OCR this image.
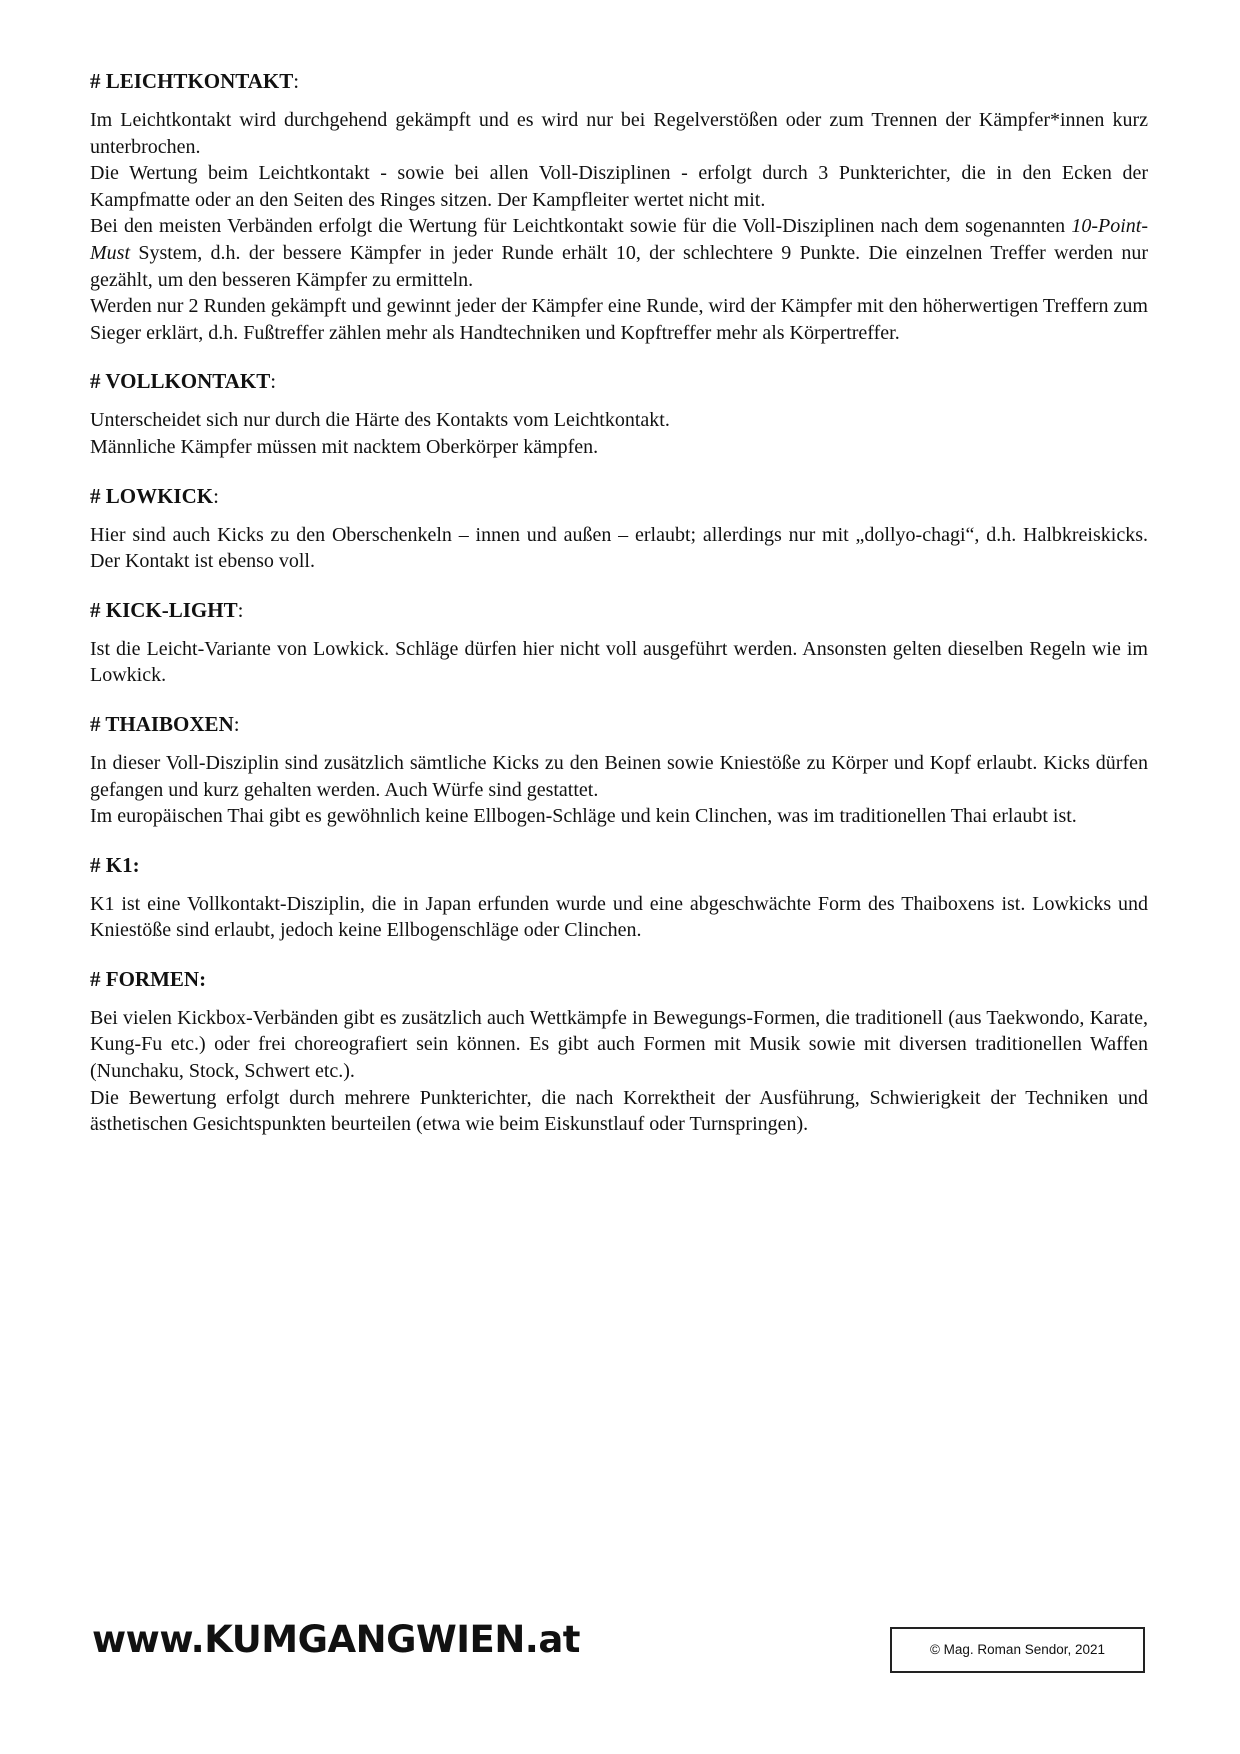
# LEICHTKONTAKT:

Im Leichtkontakt wird durchgehend gekämpft und es wird nur bei Regelverstößen oder zum Trennen der Kämpfer*innen kurz unterbrochen.

Die Wertung beim Leichtkontakt - sowie bei allen Voll-Disziplinen - erfolgt durch 3 Punkterichter, die in den Ecken der Kampfmatte oder an den Seiten des Ringes sitzen. Der Kampfleiter wertet nicht mit.

Bei den meisten Verbänden erfolgt die Wertung für Leichtkontakt sowie für die Voll-Disziplinen nach dem sogenannten 10-Point-Must System, d.h. der bessere Kämpfer in jeder Runde erhält 10, der schlechtere 9 Punkte. Die einzelnen Treffer werden nur gezählt, um den besseren Kämpfer zu ermitteln.

Werden nur 2 Runden gekämpft und gewinnt jeder der Kämpfer eine Runde, wird der Kämpfer mit den höherwertigen Treffern zum Sieger erklärt, d.h. Fußtreffer zählen mehr als Handtechniken und Kopftreffer mehr als Körpertreffer.

# VOLLKONTAKT:

Unterscheidet sich nur durch die Härte des Kontakts vom Leichtkontakt.

Männliche Kämpfer müssen mit nacktem Oberkörper kämpfen.

# LOWKICK:

Hier sind auch Kicks zu den Oberschenkeln – innen und außen – erlaubt; allerdings nur mit „dollyo-chagi“, d.h. Halbkreiskicks. Der Kontakt ist ebenso voll.

# KICK-LIGHT:

Ist die Leicht-Variante von Lowkick. Schläge dürfen hier nicht voll ausgeführt werden. Ansonsten gelten dieselben Regeln wie im Lowkick.

# THAIBOXEN:

In dieser Voll-Disziplin sind zusätzlich sämtliche Kicks zu den Beinen sowie Kniestöße zu Körper und Kopf erlaubt. Kicks dürfen gefangen und kurz gehalten werden. Auch Würfe sind gestattet.

Im europäischen Thai gibt es gewöhnlich keine Ellbogen-Schläge und kein Clinchen, was im traditionellen Thai erlaubt ist.

# K1:

K1 ist eine Vollkontakt-Disziplin, die in Japan erfunden wurde und eine abgeschwächte Form des Thaiboxens ist. Lowkicks und Kniestöße sind erlaubt, jedoch keine Ellbogenschläge oder Clinchen.

# FORMEN:

Bei vielen Kickbox-Verbänden gibt es zusätzlich auch Wettkämpfe in Bewegungs-Formen, die traditionell (aus Taekwondo, Karate, Kung-Fu etc.) oder frei choreografiert sein können. Es gibt auch Formen mit Musik sowie mit diversen traditionellen Waffen (Nunchaku, Stock, Schwert etc.).

Die Bewertung erfolgt durch mehrere Punkterichter, die nach Korrektheit der Ausführung, Schwierigkeit der Techniken und ästhetischen Gesichtspunkten beurteilen (etwa wie beim Eiskunstlauf oder Turnspringen).

www.KUMGANGWIEN.at	© Mag. Roman Sendor, 2021
